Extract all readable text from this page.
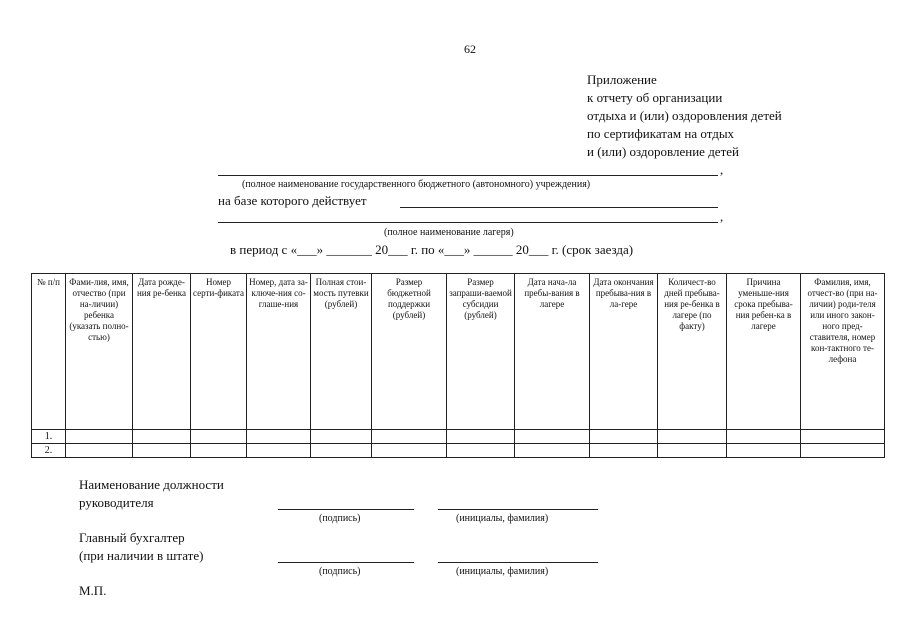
62
Приложение
к отчету об организации
отдыха и (или) оздоровления детей
по сертификатам на отдых
и (или) оздоровление детей
,
(полное наименование государственного бюджетного (автономного) учреждения)
на базе которого действует
,
(полное наименование лагеря)
в период с «___» _______ 20___ г. по «___» ______ 20___ г. (срок заезда)
№ п/п	Фами-лия, имя, отчество (при на-личии) ребенка (указать полно-стью)	Дата рожде-ния ре-бенка	Номер серти-фиката	Номер, дата за-ключе-ния со-глаше-ния	Полная стои-мость путевки (рублей)	Размер бюджетной поддержки (рублей)	Размер запраши-ваемой субсидии (рублей)	Дата нача-ла пребы-вания в лагере	Дата окончания пребыва-ния в ла-гере	Количест-во дней пребыва-ния ре-бенка в лагере (по факту)	Причина уменьше-ния срока пребыва-ния ребен-ка в лагере	Фамилия, имя, отчест-во (при на-личии) роди-теля или иного закон-ного пред-ставителя, номер кон-тактного те-лефона
1.												
2.												
Наименование должности
руководителя
(подпись)	(инициалы, фамилия)
Главный бухгалтер
(при наличии в штате)
(подпись)	(инициалы, фамилия)
М.П.
